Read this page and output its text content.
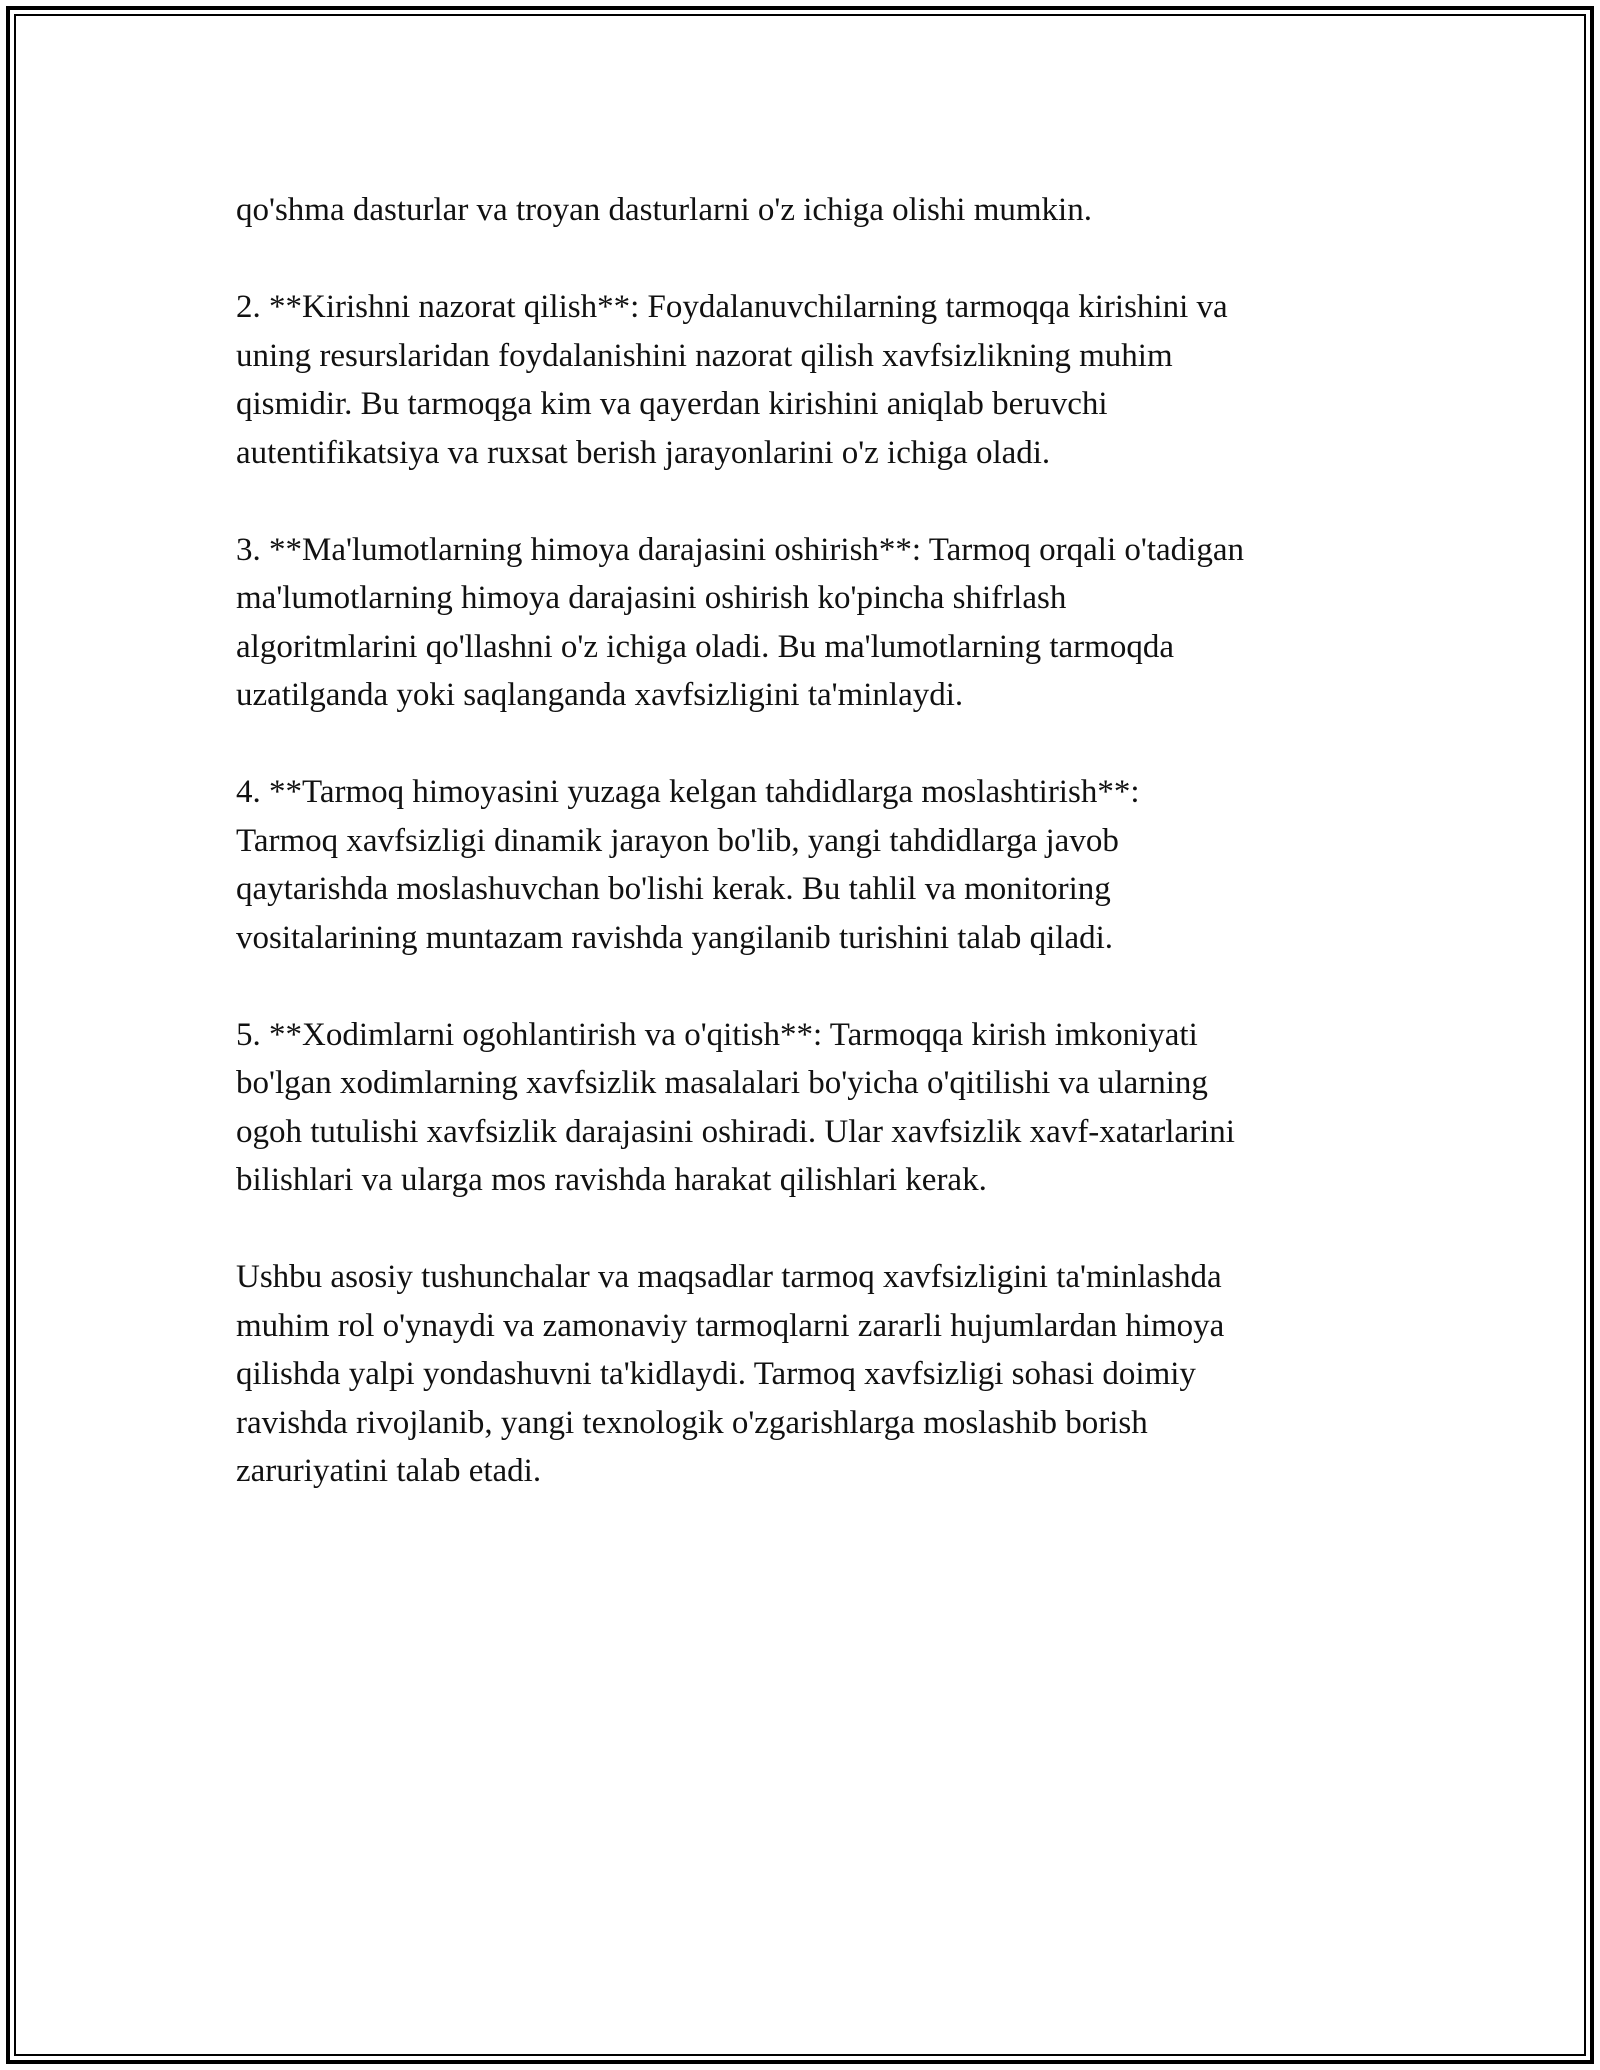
qo'shma dasturlar va troyan dasturlarni o'z ichiga olishi mumkin.

2. **Kirishni nazorat qilish**: Foydalanuvchilarning tarmoqqa kirishini va
uning resurslaridan foydalanishini nazorat qilish xavfsizlikning muhim
qismidir. Bu tarmoqga kim va qayerdan kirishini aniqlab beruvchi
autentifikatsiya va ruxsat berish jarayonlarini o'z ichiga oladi.

3. **Ma'lumotlarning himoya darajasini oshirish**: Tarmoq orqali o'tadigan
ma'lumotlarning himoya darajasini oshirish ko'pincha shifrlash
algoritmlarini qo'llashni o'z ichiga oladi. Bu ma'lumotlarning tarmoqda
uzatilganda yoki saqlanganda xavfsizligini ta'minlaydi.

4. **Tarmoq himoyasini yuzaga kelgan tahdidlarga moslashtirish**:
Tarmoq xavfsizligi dinamik jarayon bo'lib, yangi tahdidlarga javob
qaytarishda moslashuvchan bo'lishi kerak. Bu tahlil va monitoring
vositalarining muntazam ravishda yangilanib turishini talab qiladi.

5. **Xodimlarni ogohlantirish va o'qitish**: Tarmoqqa kirish imkoniyati
bo'lgan xodimlarning xavfsizlik masalalari bo'yicha o'qitilishi va ularning
ogoh tutulishi xavfsizlik darajasini oshiradi. Ular xavfsizlik xavf-xatarlarini
bilishlari va ularga mos ravishda harakat qilishlari kerak.

Ushbu asosiy tushunchalar va maqsadlar tarmoq xavfsizligini ta'minlashda
muhim rol o'ynaydi va zamonaviy tarmoqlarni zararli hujumlardan himoya
qilishda yalpi yondashuvni ta'kidlaydi. Tarmoq xavfsizligi sohasi doimiy
ravishda rivojlanib, yangi texnologik o'zgarishlarga moslashib borish
zaruriyatini talab etadi.
